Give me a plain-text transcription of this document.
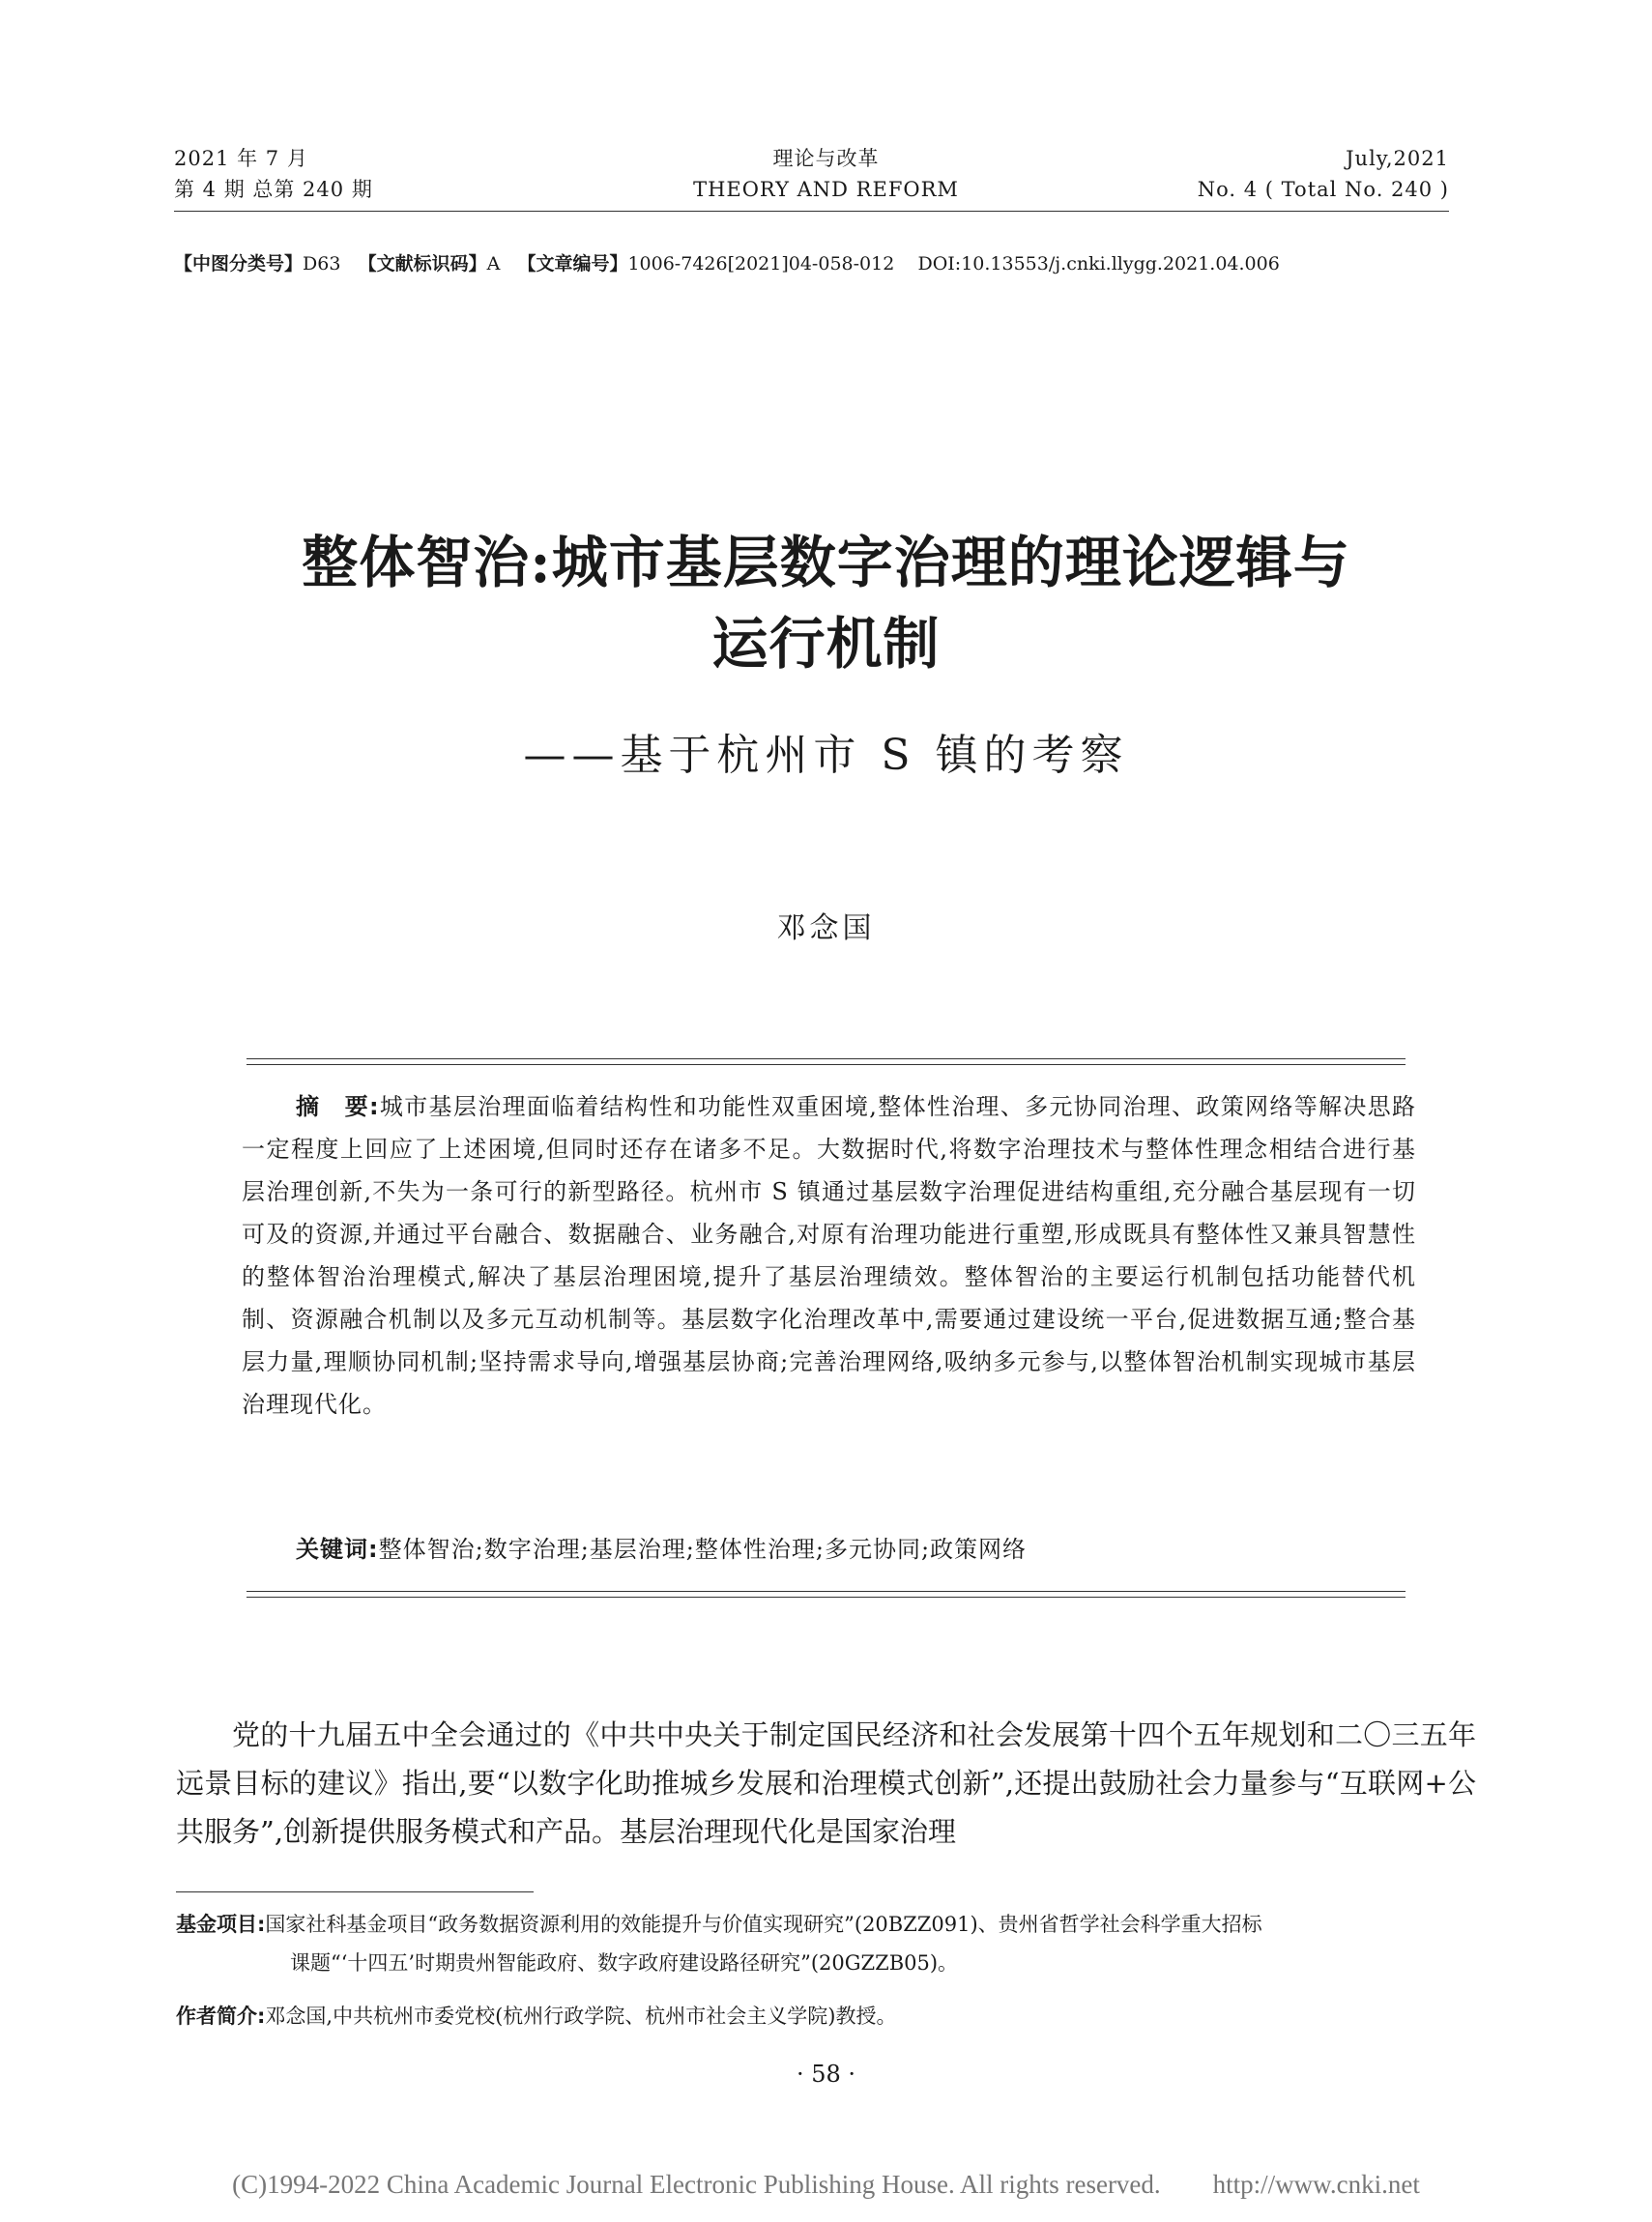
2021 年 7 月
第 4 期 总第 240 期
理论与改革
THEORY AND REFORM
July,2021
No. 4 ( Total No. 240 )
【中图分类号】D63 【文献标识码】A 【文章编号】1006-7426[2021]04-058-012 DOI:10.13553/j.cnki.llygg.2021.04.006
整体智治:城市基层数字治理的理论逻辑与
运行机制
——基于杭州市 S 镇的考察
邓念国
摘　要:城市基层治理面临着结构性和功能性双重困境,整体性治理、多元协同治理、政策网络等解决思路一定程度上回应了上述困境,但同时还存在诸多不足。大数据时代,将数字治理技术与整体性理念相结合进行基层治理创新,不失为一条可行的新型路径。杭州市 S 镇通过基层数字治理促进结构重组,充分融合基层现有一切可及的资源,并通过平台融合、数据融合、业务融合,对原有治理功能进行重塑,形成既具有整体性又兼具智慧性的整体智治治理模式,解决了基层治理困境,提升了基层治理绩效。整体智治的主要运行机制包括功能替代机制、资源融合机制以及多元互动机制等。基层数字化治理改革中,需要通过建设统一平台,促进数据互通;整合基层力量,理顺协同机制;坚持需求导向,增强基层协商;完善治理网络,吸纳多元参与,以整体智治机制实现城市基层治理现代化。
关键词:整体智治;数字治理;基层治理;整体性治理;多元协同;政策网络
党的十九届五中全会通过的《中共中央关于制定国民经济和社会发展第十四个五年规划和二〇三五年远景目标的建议》指出,要“以数字化助推城乡发展和治理模式创新”,还提出鼓励社会力量参与“互联网+公共服务”,创新提供服务模式和产品。基层治理现代化是国家治理
基金项目:国家社科基金项目“政务数据资源利用的效能提升与价值实现研究”(20BZZ091)、贵州省哲学社会科学重大招标
课题“‘十四五’时期贵州智能政府、数字政府建设路径研究”(20GZZB05)。
作者简介:邓念国,中共杭州市委党校(杭州行政学院、杭州市社会主义学院)教授。
· 58 ·
(C)1994-2022 China Academic Journal Electronic Publishing House. All rights reserved.　　http://www.cnki.net
